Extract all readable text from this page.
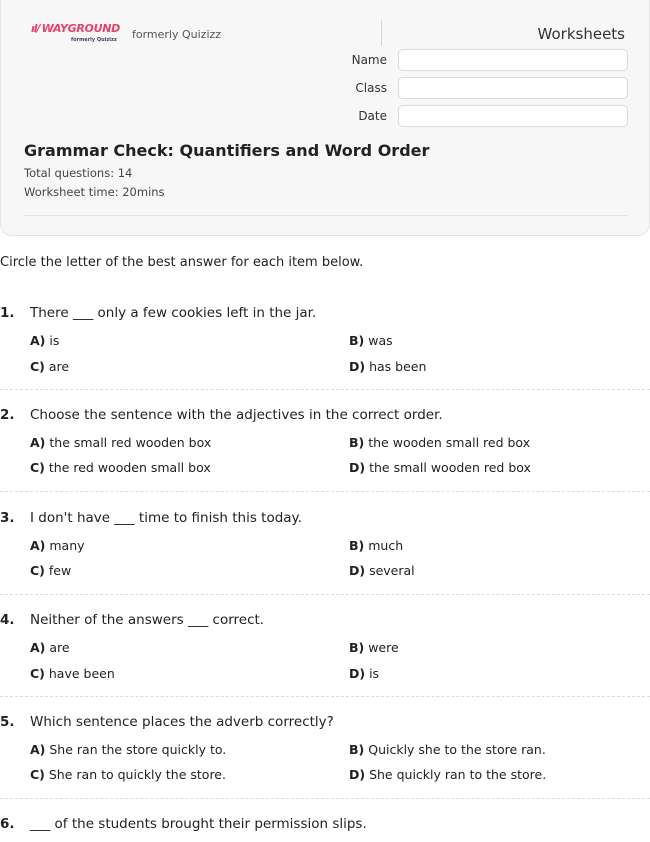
ıl/ WAYGROUND
formerly Quizizz formerly Quizizz	Worksheets
Name
Class
Date
Grammar Check: Quantifiers and Word Order
Total questions: 14
Worksheet time: 20mins
Circle the letter of the best answer for each item below.
1. There ___ only a few cookies left in the jar.
A) is	B) was
C) are	D) has been
2. Choose the sentence with the adjectives in the correct order.
A) the small red wooden box	B) the wooden small red box
C) the red wooden small box	D) the small wooden red box
3. I don't have ___ time to finish this today.
A) many	B) much
C) few	D) several
4. Neither of the answers ___ correct.
A) are	B) were
C) have been	D) is
5. Which sentence places the adverb correctly?
A) She ran the store quickly to.	B) Quickly she to the store ran.
C) She ran to quickly the store.	D) She quickly ran to the store.
6. ___ of the students brought their permission slips.
